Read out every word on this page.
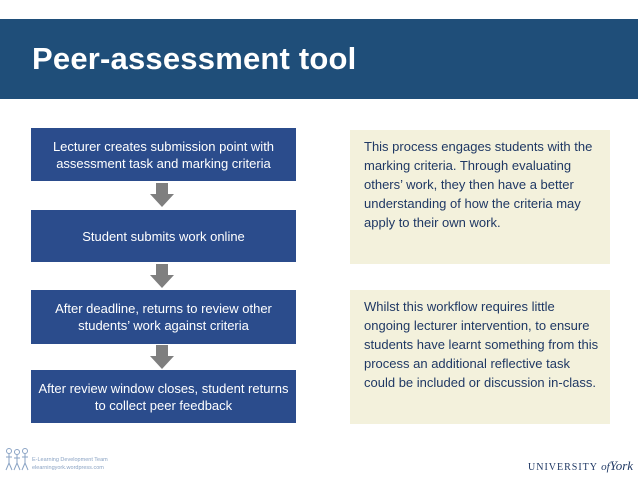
Peer-assessment tool
Lecturer creates submission point with assessment task and marking criteria
Student submits work online
After deadline, returns to review other students’ work against criteria
After review window closes, student returns to collect peer feedback
This process engages students with the marking criteria. Through evaluating others’ work, they then have a better understanding of how the criteria may apply to their own work.
Whilst this workflow requires little ongoing lecturer intervention, to ensure students have learnt something from this process an additional reflective task could be included or discussion in-class.
E-Learning Development Team
elearningyork.wordpress.com	UNIVERSITY ofYork
